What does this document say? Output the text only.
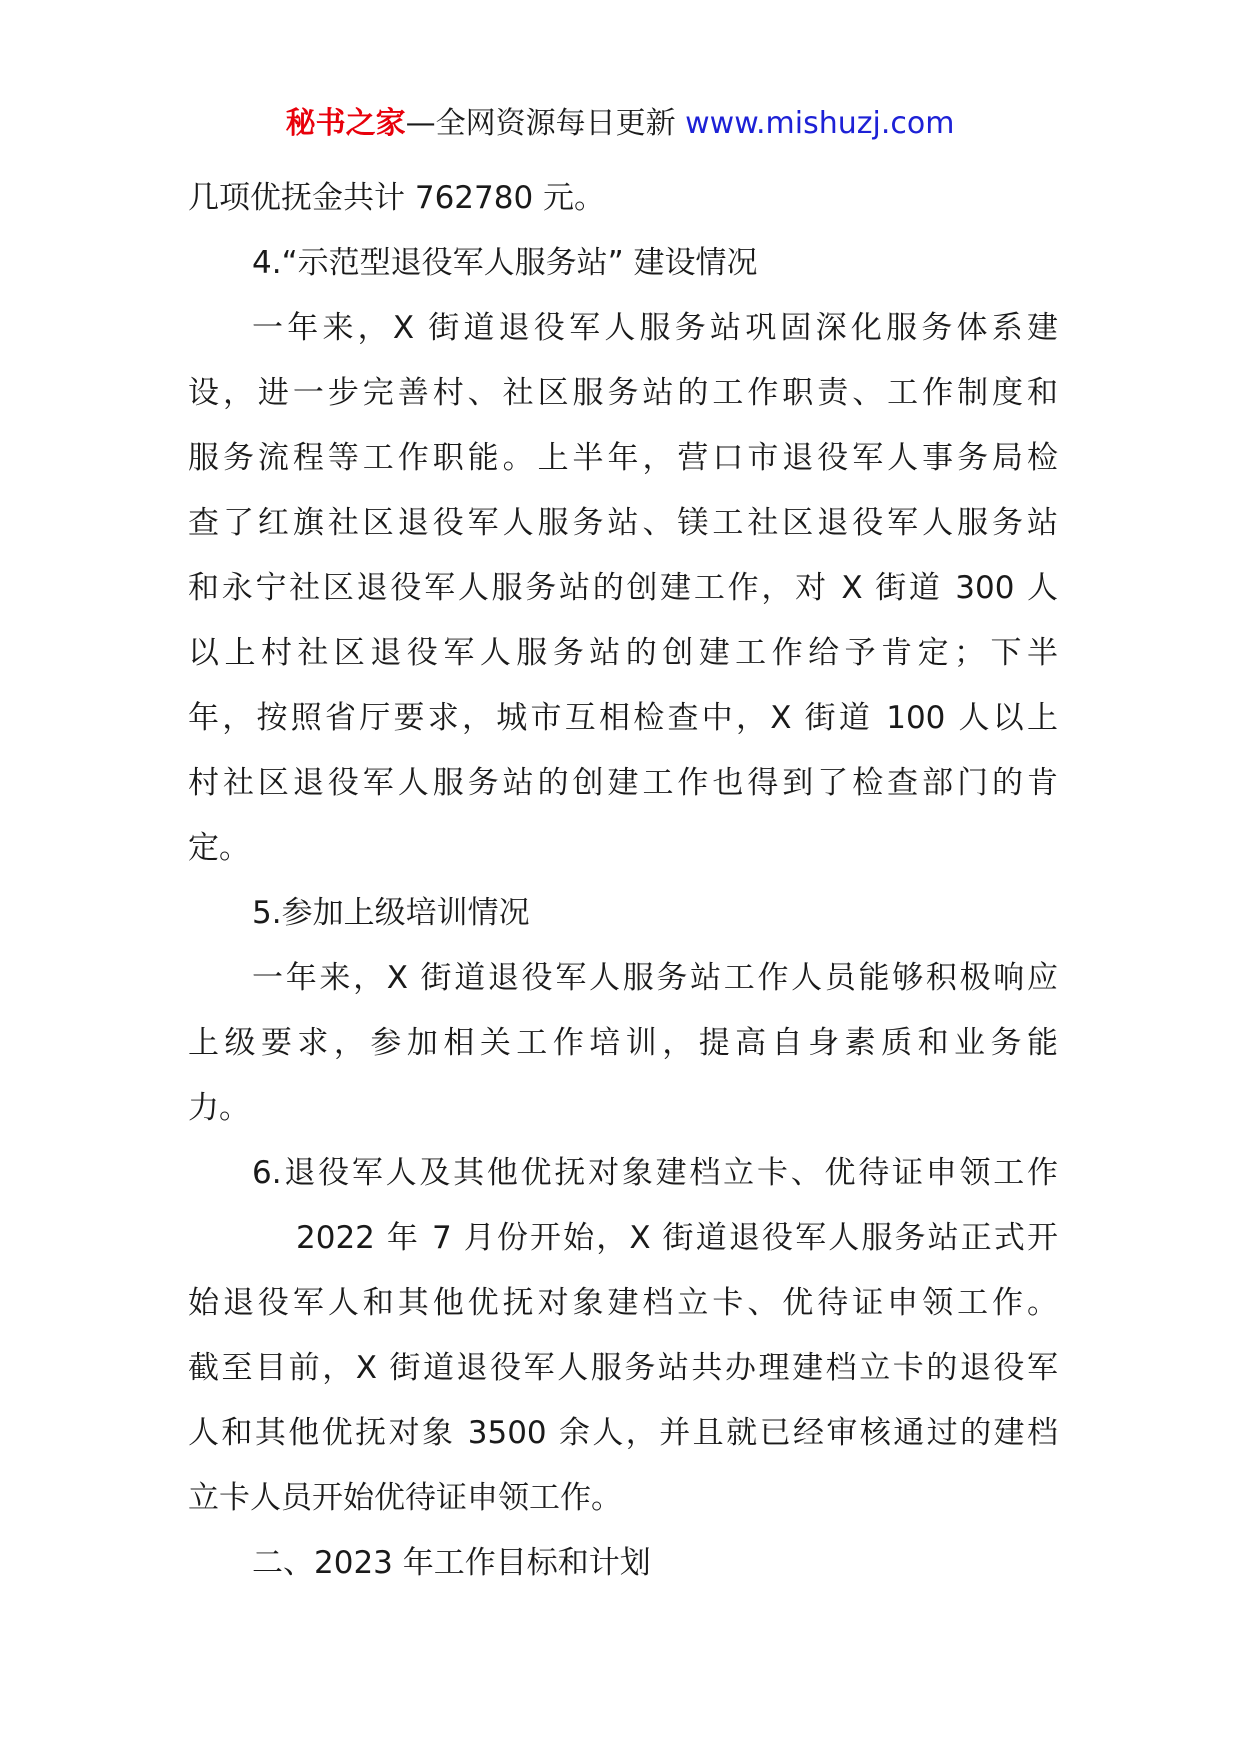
秘书之家—全网资源每日更新 www.mishuzj.com
几项优抚金共计 762780 元。
4.“示范型退役军人服务站” 建设情况
一年来，X 街道退役军人服务站巩固深化服务体系建
设，进一步完善村、社区服务站的工作职责、工作制度和
服务流程等工作职能。上半年，营口市退役军人事务局检
查了红旗社区退役军人服务站、镁工社区退役军人服务站
和永宁社区退役军人服务站的创建工作，对 X 街道 300 人
以上村社区退役军人服务站的创建工作给予肯定；下半
年，按照省厅要求，城市互相检查中，X 街道 100 人以上
村社区退役军人服务站的创建工作也得到了检查部门的肯
定。
5.参加上级培训情况
一年来，X 街道退役军人服务站工作人员能够积极响应
上级要求，参加相关工作培训，提高自身素质和业务能
力。
6.退役军人及其他优抚对象建档立卡、优待证申领工作
2022 年 7 月份开始，X 街道退役军人服务站正式开
始退役军人和其他优抚对象建档立卡、优待证申领工作。
截至目前，X 街道退役军人服务站共办理建档立卡的退役军
人和其他优抚对象 3500 余人，并且就已经审核通过的建档
立卡人员开始优待证申领工作。
二、2023 年工作目标和计划
